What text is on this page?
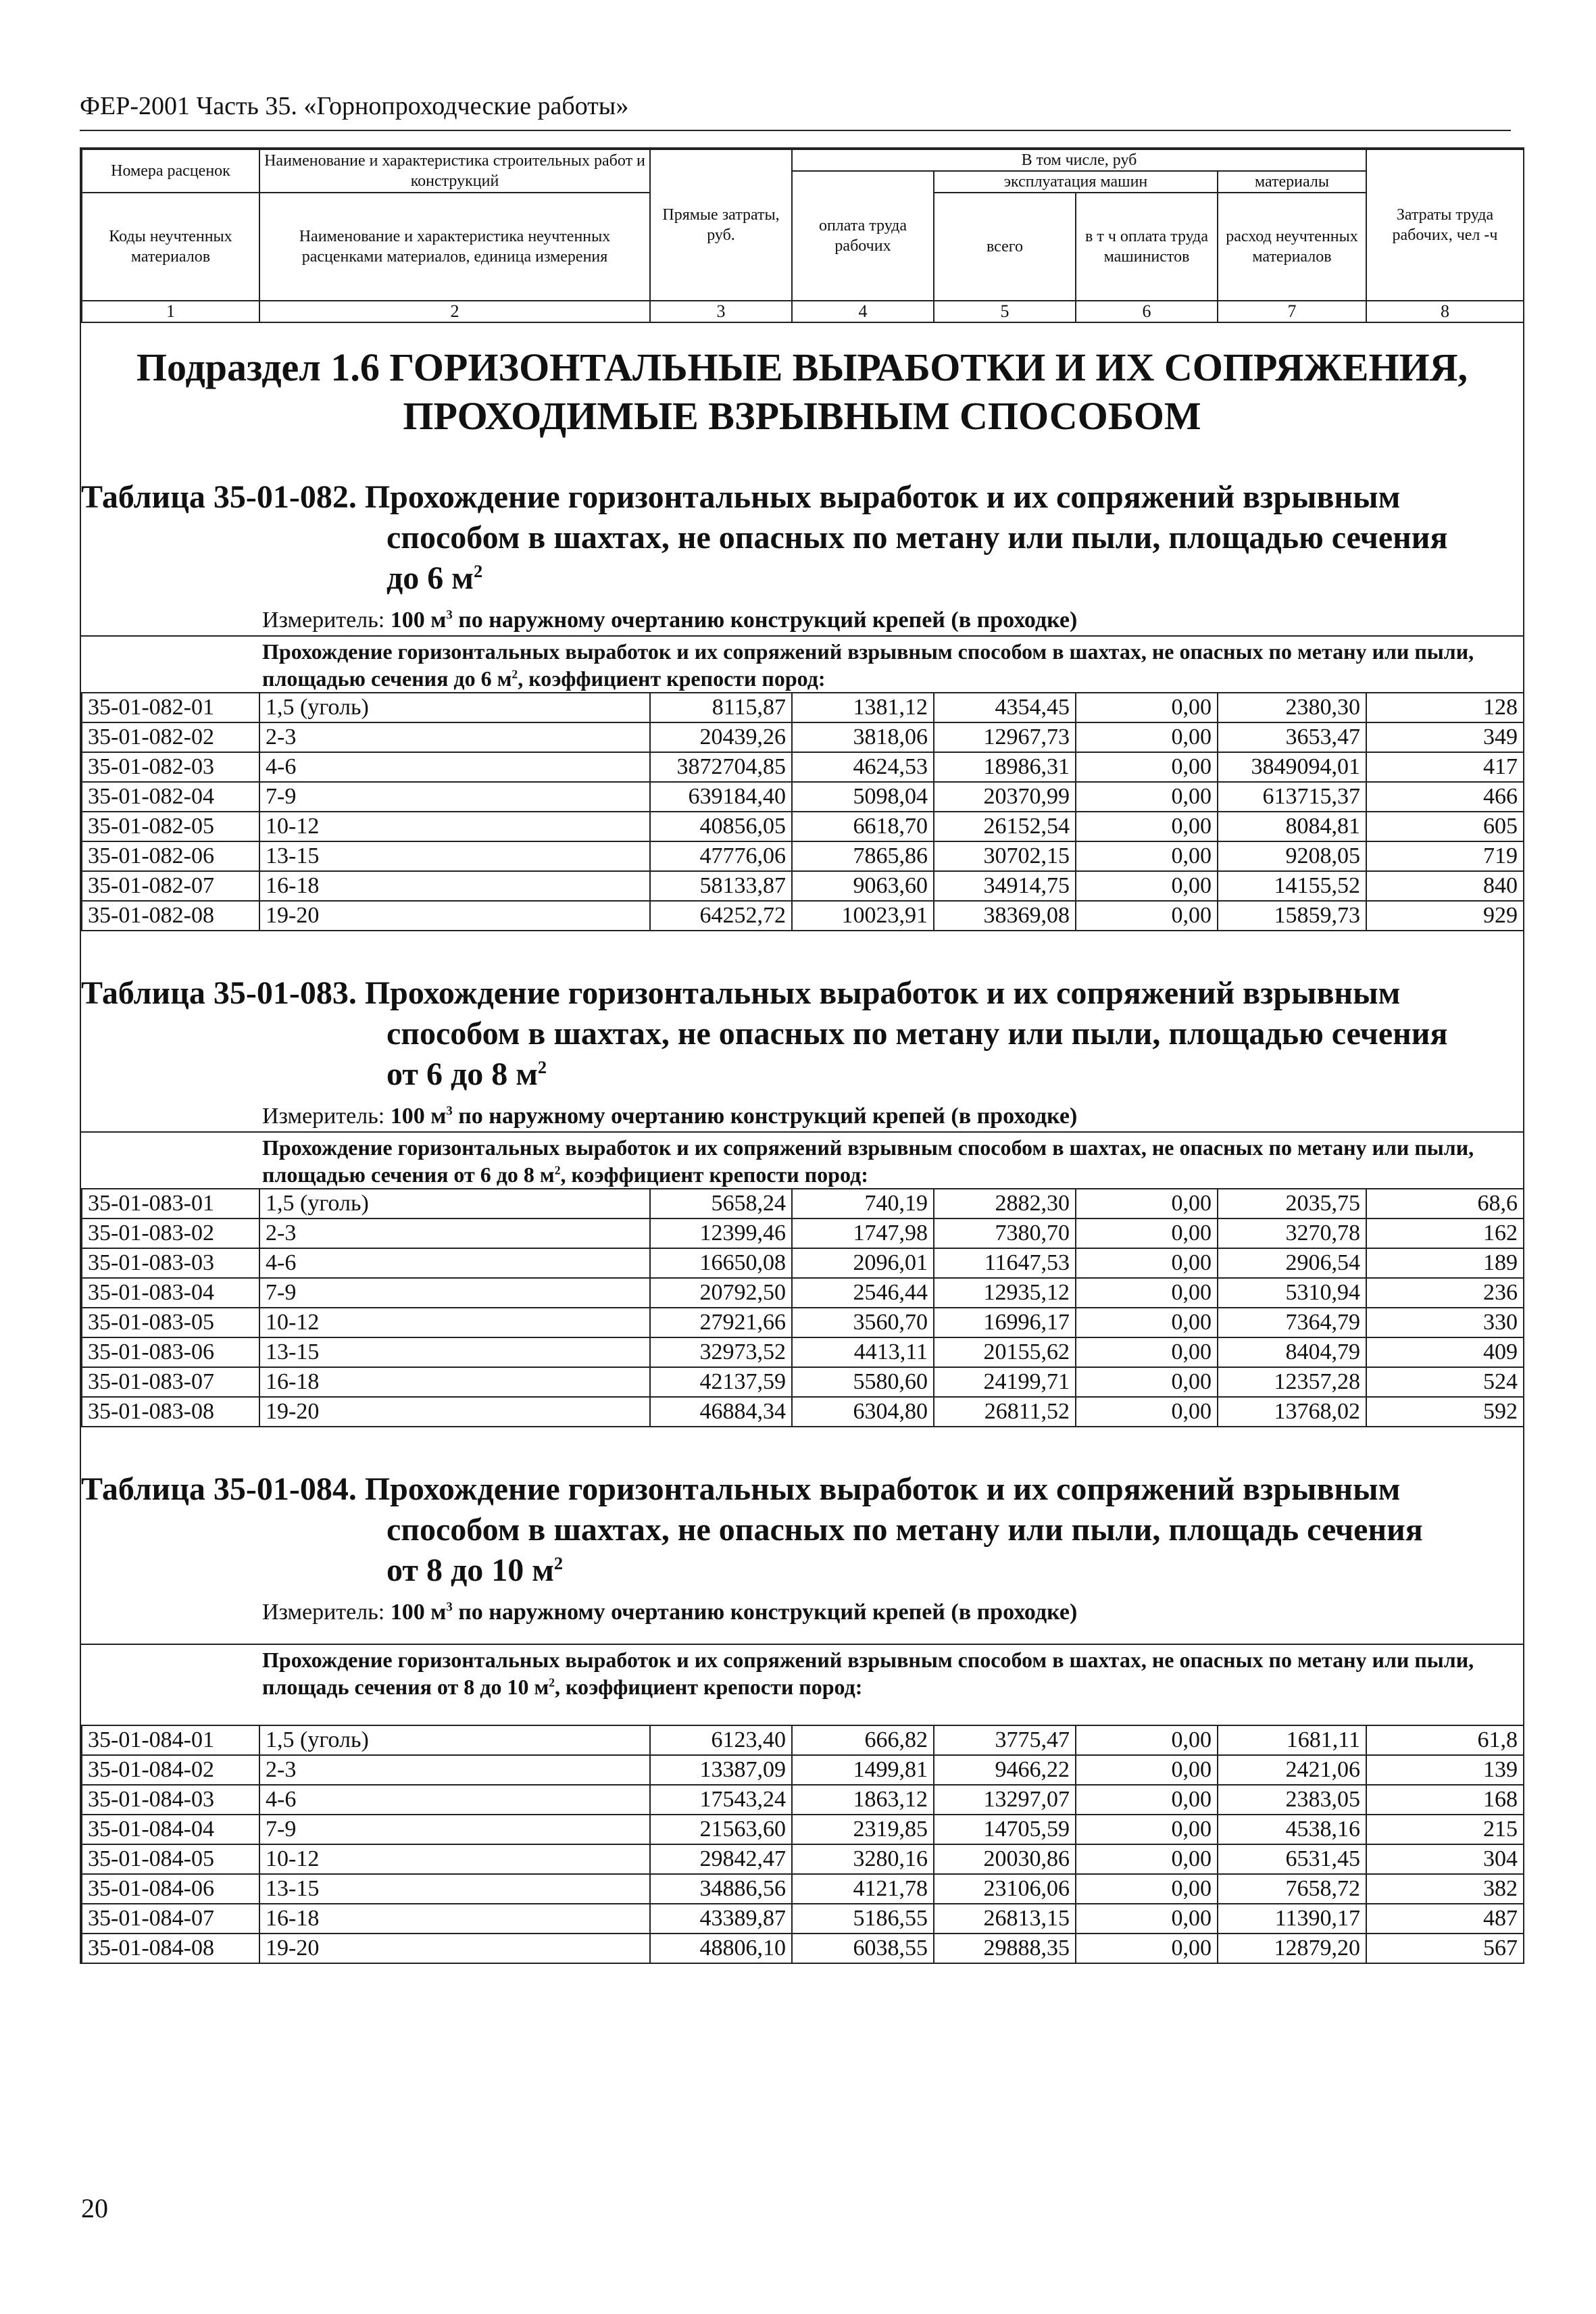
ФЕР-2001 Часть 35. «Горнопроходческие работы»
Номера расценок	Наименование и характеристика строительных работ и конструкций	Прямые затраты, руб.	В том числе, руб				Затраты труда рабочих, чел -ч
			оплата труда рабочих	эксплуатация машин		материалы	
Коды неучтенных материалов	Наименование и характеристика неучтенных расценками материалов, единица измерения			всего	в т ч оплата труда машинистов	расход неучтенных материалов	

1	2	3	4	5	6	7	8
Подраздел 1.6 ГОРИЗОНТАЛЬНЫЕ ВЫРАБОТКИ И ИХ СОПРЯЖЕНИЯ, ПРОХОДИМЫЕ ВЗРЫВНЫМ СПОСОБОМ
Таблица 35-01-082. Прохождение горизонтальных выработок и их сопряжений взрывным
способом в шахтах, не опасных по метану или пыли, площадью сечения
до 6 $м^2$
Измеритель: 100 $м^3$ по наружному очертанию конструкций крепей (в проходке)
Прохождение горизонтальных выработок и их сопряжений взрывным способом в шахтах, не опасных по метану или пыли, площадью сечения до 6 $м^2$, коэффициент крепости пород:
35-01-082-01	1,5 (уголь)	8115,87	1381,12	4354,45	0,00	2380,30	128
35-01-082-02	2-3	20439,26	3818,06	12967,73	0,00	3653,47	349
35-01-082-03	4-6	3872704,85	4624,53	18986,31	0,00	3849094,01	417
35-01-082-04	7-9	639184,40	5098,04	20370,99	0,00	613715,37	466
35-01-082-05	10-12	40856,05	6618,70	26152,54	0,00	8084,81	605
35-01-082-06	13-15	47776,06	7865,86	30702,15	0,00	9208,05	719
35-01-082-07	16-18	58133,87	9063,60	34914,75	0,00	14155,52	840
35-01-082-08	19-20	64252,72	10023,91	38369,08	0,00	15859,73	929
Таблица 35-01-083. Прохождение горизонтальных выработок и их сопряжений взрывным
способом в шахтах, не опасных по метану или пыли, площадью сечения
от 6 до 8 $м^2$
Измеритель: 100 $м^3$ по наружному очертанию конструкций крепей (в проходке)
Прохождение горизонтальных выработок и их сопряжений взрывным способом в шахтах, не опасных по метану или пыли, площадью сечения от 6 до 8 $м^2$, коэффициент крепости пород:
35-01-083-01	1,5 (уголь)	5658,24	740,19	2882,30	0,00	2035,75	68,6
35-01-083-02	2-3	12399,46	1747,98	7380,70	0,00	3270,78	162
35-01-083-03	4-6	16650,08	2096,01	11647,53	0,00	2906,54	189
35-01-083-04	7-9	20792,50	2546,44	12935,12	0,00	5310,94	236
35-01-083-05	10-12	27921,66	3560,70	16996,17	0,00	7364,79	330
35-01-083-06	13-15	32973,52	4413,11	20155,62	0,00	8404,79	409
35-01-083-07	16-18	42137,59	5580,60	24199,71	0,00	12357,28	524
35-01-083-08	19-20	46884,34	6304,80	26811,52	0,00	13768,02	592
Таблица 35-01-084. Прохождение горизонтальных выработок и их сопряжений взрывным
способом в шахтах, не опасных по метану или пыли, площадь сечения
от 8 до 10 $м^2$
Измеритель: 100 $м^3$ по наружному очертанию конструкций крепей (в проходке)
Прохождение горизонтальных выработок и их сопряжений взрывным способом в шахтах, не опасных по метану или пыли, площадь сечения от 8 до 10 $м^2$, коэффициент крепости пород:
35-01-084-01	1,5 (уголь)	6123,40	666,82	3775,47	0,00	1681,11	61,8
35-01-084-02	2-3	13387,09	1499,81	9466,22	0,00	2421,06	139
35-01-084-03	4-6	17543,24	1863,12	13297,07	0,00	2383,05	168
35-01-084-04	7-9	21563,60	2319,85	14705,59	0,00	4538,16	215
35-01-084-05	10-12	29842,47	3280,16	20030,86	0,00	6531,45	304
35-01-084-06	13-15	34886,56	4121,78	23106,06	0,00	7658,72	382
35-01-084-07	16-18	43389,87	5186,55	26813,15	0,00	11390,17	487
35-01-084-08	19-20	48806,10	6038,55	29888,35	0,00	12879,20	567
20
